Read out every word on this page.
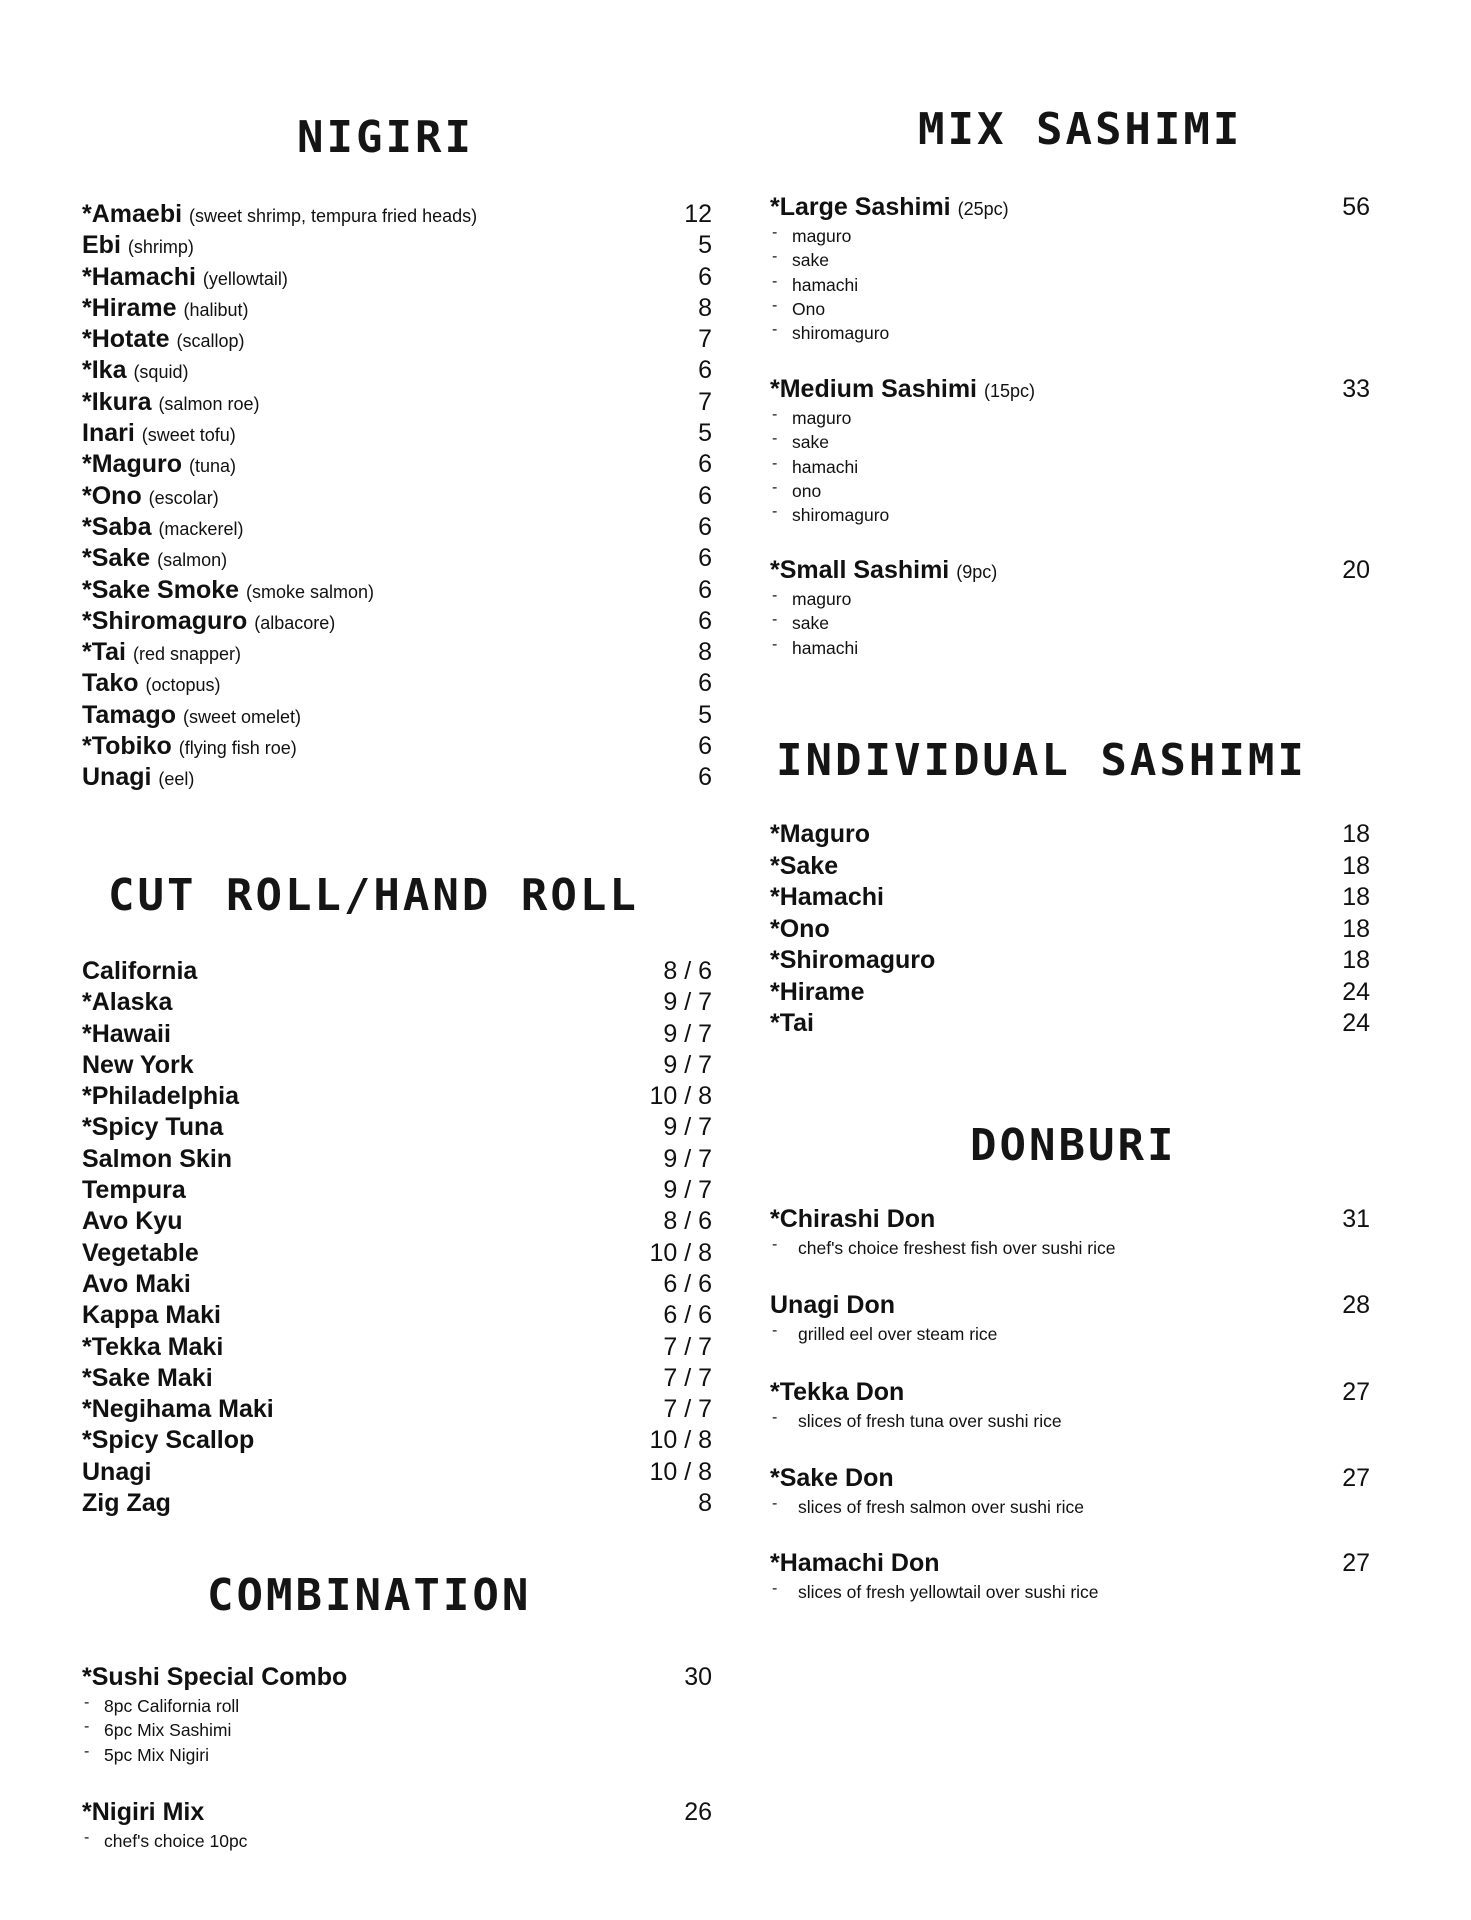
NIGIRI
*Amaebi (sweet shrimp, tempura fried heads)	12
Ebi (shrimp)	5
*Hamachi (yellowtail)	6
*Hirame (halibut)	8
*Hotate (scallop)	7
*Ika (squid)	6
*Ikura (salmon roe)	7
Inari (sweet tofu)	5
*Maguro (tuna)	6
*Ono (escolar)	6
*Saba (mackerel)	6
*Sake (salmon)	6
*Sake Smoke (smoke salmon)	6
*Shiromaguro (albacore)	6
*Tai (red snapper)	8
Tako (octopus)	6
Tamago (sweet omelet)	5
*Tobiko (flying fish roe)	6
Unagi (eel)	6
CUT ROLL/HAND ROLL
California	8 / 6
*Alaska	9 / 7
*Hawaii	9 / 7
New York	9 / 7
*Philadelphia	10 / 8
*Spicy Tuna	9 / 7
Salmon Skin	9 / 7
Tempura	9 / 7
Avo Kyu	8 / 6
Vegetable	10 / 8
Avo Maki	6 / 6
Kappa Maki	6 / 6
*Tekka Maki	7 / 7
*Sake Maki	7 / 7
*Negihama Maki	7 / 7
*Spicy Scallop	10 / 8
Unagi	10 / 8
Zig Zag	8
COMBINATION
*Sushi Special Combo	30
- 8pc California roll
- 6pc Mix Sashimi
- 5pc Mix Nigiri
*Nigiri Mix	26
- chef's choice 10pc
MIX SASHIMI
*Large Sashimi (25pc)	56
- maguro
- sake
- hamachi
- Ono
- shiromaguro
*Medium Sashimi (15pc)	33
- maguro
- sake
- hamachi
- ono
- shiromaguro
*Small Sashimi (9pc)	20
- maguro
- sake
- hamachi
INDIVIDUAL SASHIMI
*Maguro	18
*Sake	18
*Hamachi	18
*Ono	18
*Shiromaguro	18
*Hirame	24
*Tai	24
DONBURI
*Chirashi Don	31
- chef's choice freshest fish over sushi rice
Unagi Don	28
- grilled eel over steam rice
*Tekka Don	27
- slices of fresh tuna over sushi rice
*Sake Don	27
- slices of fresh salmon over sushi rice
*Hamachi Don	27
- slices of fresh yellowtail over sushi rice
